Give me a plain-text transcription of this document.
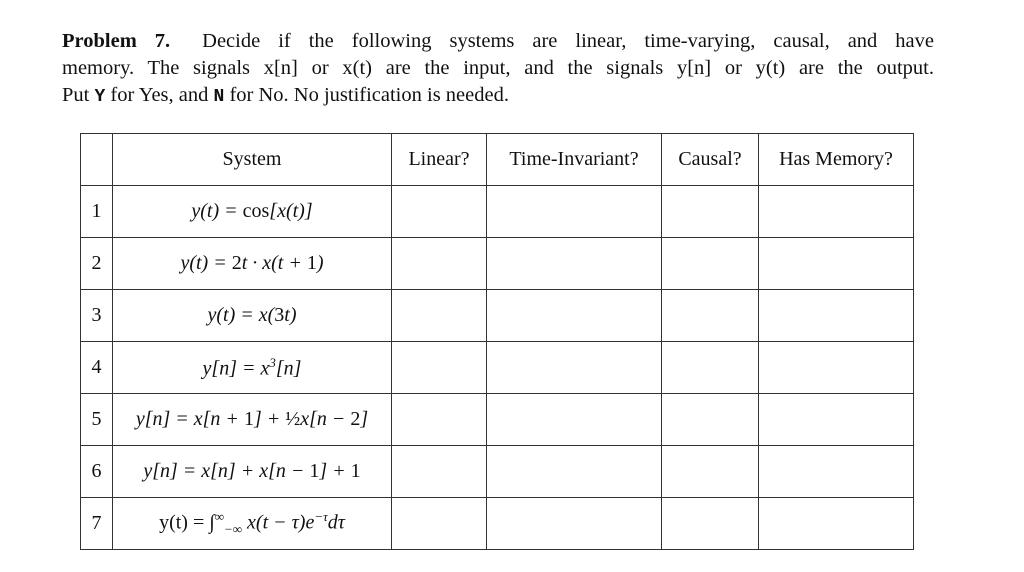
Problem 7. Decide if the following systems are linear, time-varying, causal, and have
memory. The signals x[n] or x(t) are the input, and the signals y[n] or y(t) are the output.
Put Y for Yes, and N for No. No justification is needed.
	System	Linear?	Time-Invariant?	Causal?	Has Memory?
1	y(t) = cos[x(t)]				
2	y(t) = 2t · x(t + 1)				
3	y(t) = x(3t)				
4	$y[n] = x^3[n]$				
5	y[n] = x[n + 1] + ½x[n − 2]				
6	y[n] = x[n] + x[n − 1] + 1				
7	$y(t) = \int^\infty_{-\infty}$ $x(t - \tau)e^{-\tau}d\tau$				
